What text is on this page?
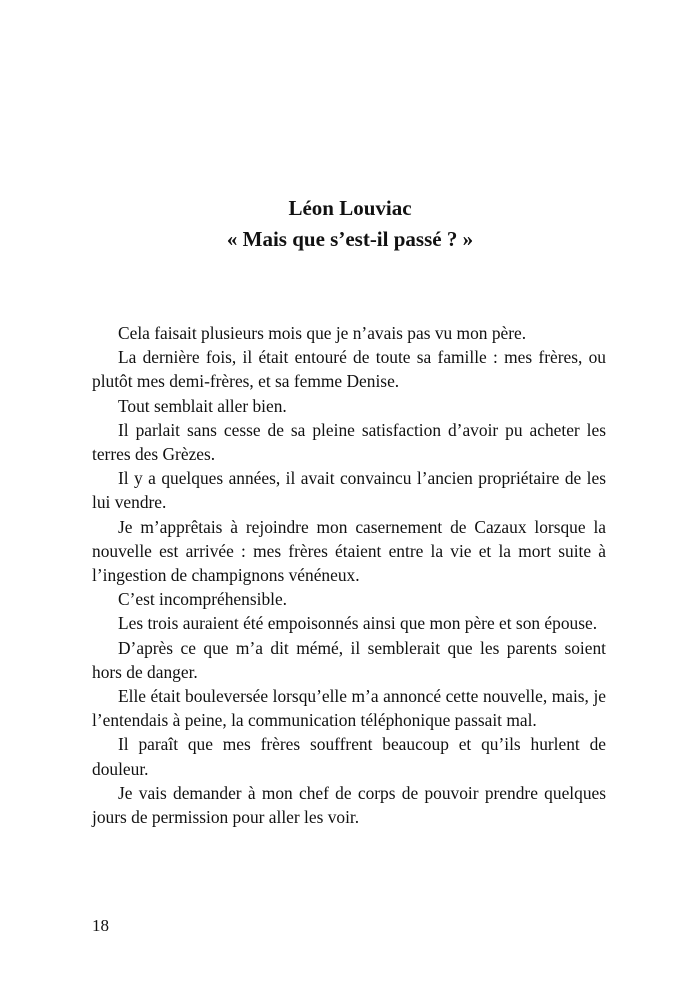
Léon Louviac
« Mais que s’est-il passé ? »

Cela faisait plusieurs mois que je n’avais pas vu mon père.

La dernière fois, il était entouré de toute sa famille : mes frères, ou plutôt mes demi-frères, et sa femme Denise.

Tout semblait aller bien.

Il parlait sans cesse de sa pleine satisfaction d’avoir pu acheter les terres des Grèzes.

Il y a quelques années, il avait convaincu l’ancien propriétaire de les lui vendre.

Je m’apprêtais à rejoindre mon casernement de Cazaux lorsque la nouvelle est arrivée : mes frères étaient entre la vie et la mort suite à l’ingestion de champignons vénéneux.

C’est incompréhensible.

Les trois auraient été empoisonnés ainsi que mon père et son épouse.

D’après ce que m’a dit mémé, il semblerait que les parents soient hors de danger.

Elle était bouleversée lorsqu’elle m’a annoncé cette nouvelle, mais, je l’entendais à peine, la communication téléphonique passait mal.

Il paraît que mes frères souffrent beaucoup et qu’ils hurlent de douleur.

Je vais demander à mon chef de corps de pouvoir prendre quelques jours de permission pour aller les voir.

18
